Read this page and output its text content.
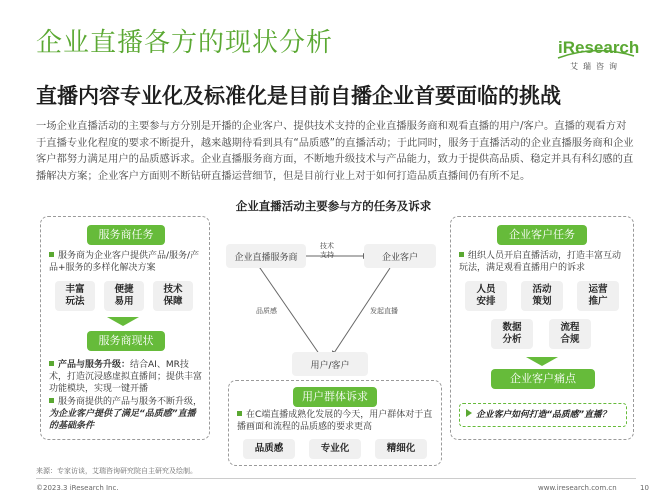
企业直播各方的现状分析
直播内容专业化及标准化是目前自播企业首要面临的挑战
iResearch
艾瑞咨询
一场企业直播活动的主要参与方分别是开播的企业客户、提供技术支持的企业直播服务商和观看直播的用户/客户。直播的观看方对于直播专业化程度的要求不断提升，越来越期待看到具有“品质感”的直播活动；于此同时，服务于直播活动的企业直播服务商和企业客户都努力满足用户的品质感诉求。企业直播服务商方面，不断地升级技术与产品能力，致力于提供高品质、稳定并具有科幻感的直播解决方案；企业客户方面则不断钻研直播运营细节，但是目前行业上对于如何打造品质直播间仍有所不足。
企业直播活动主要参与方的任务及诉求
服务商任务
服务商为企业客户提供产品/服务/产品+服务的多样化解决方案
丰富
玩法
便捷
易用
技术
保障
服务商现状
产品与服务升级：结合AI、MR技术，打造沉浸感虚拟直播间；提供丰富功能模块，实现一键开播
服务商提供的产品与服务不断升级，为企业客户提供了满足“品质感”直播的基础条件
企业直播服务商	企业客户
技术
支持
品质感	发起直播
用户/客户
用户群体诉求
在C端直播成熟化发展的今天，用户群体对于直播画面和流程的品质感的要求更高
品质感	专业化	精细化
企业客户任务
组织人员开启直播活动，打造丰富互动玩法，满足观看直播用户的诉求
人员
安排
活动
策划
运营
推广
数据
分析
流程
合规
企业客户痛点
企业客户如何打造“品质感”直播？
来源：专家访谈，艾瑞咨询研究院自主研究及绘制。
©2023.3 iResearch Inc.	www.iresearch.com.cn	10
